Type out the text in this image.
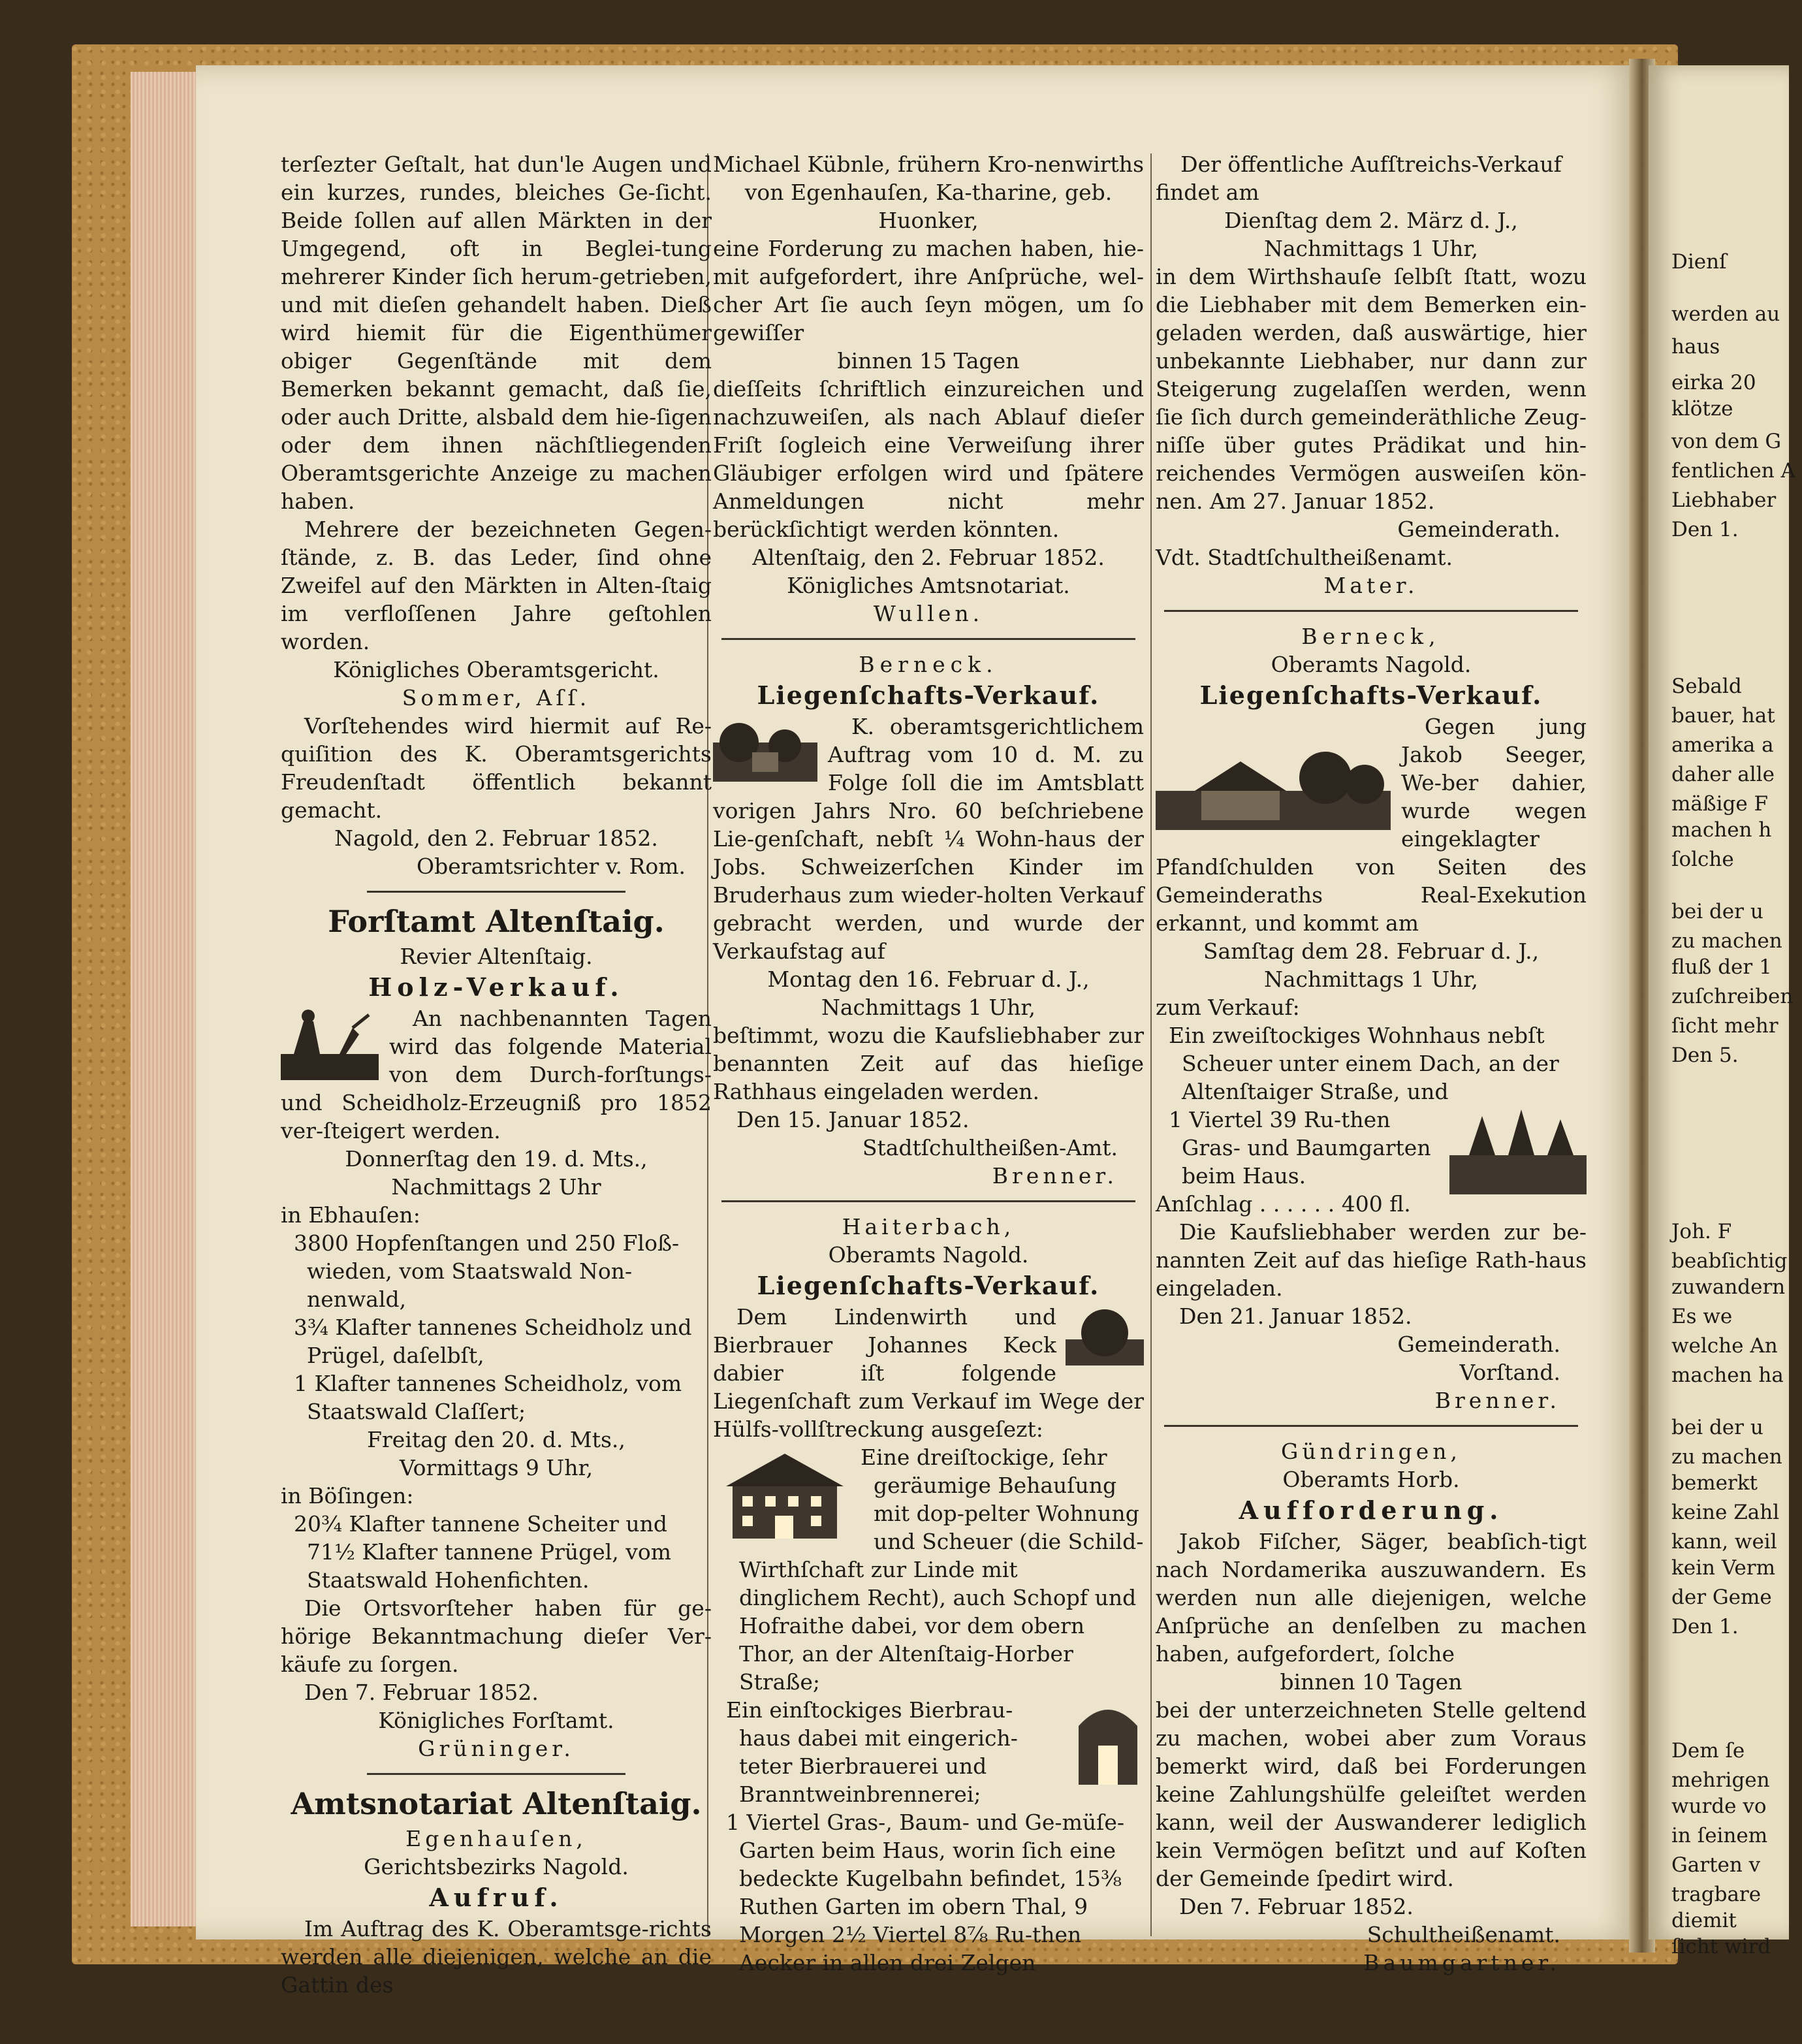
terſezter Geſtalt, hat dun'le Augen und ein kurzes, rundes, bleiches Ge-ſicht. Beide ſollen auf allen Märkten in der Umgegend, oft in Beglei-tung mehrerer Kinder ſich herum-getrieben, und mit dieſen gehandelt haben. Dieß wird hiemit für die Eigenthümer obiger Gegenſtände mit dem Bemerken bekannt gemacht, daß ſie, oder auch Dritte, alsbald dem hie-ſigen oder dem ihnen nächſtliegenden Oberamtsgerichte Anzeige zu machen haben.

Mehrere der bezeichneten Gegen-ſtände, z. B. das Leder, ſind ohne Zweifel auf den Märkten in Alten-ſtaig im verfloſſenen Jahre geſtohlen worden.

Königliches Oberamtsgericht.

Sommer, Aſſ.

Vorſtehendes wird hiermit auf Re-quiſition des K. Oberamtsgerichts Freudenſtadt öffentlich bekannt gemacht.

Nagold, den 2. Februar 1852.

Oberamtsrichter v. Rom.

Forſtamt Altenſtaig.

Revier Altenſtaig.

Holz-Verkauf.

An nachbenannten Tagen wird das folgende Material von dem Durch-forſtungs- und Scheidholz-Erzeugniß pro 1852 ver-ſteigert werden.

Donnerſtag den 19. d. Mts.,

Nachmittags 2 Uhr

in Ebhauſen:

3800 Hopfenſtangen und 250 Floß-wieden, vom Staatswald Non-nenwald,

3¾ Klafter tannenes Scheidholz und Prügel, daſelbſt,

1 Klafter tannenes Scheidholz, vom Staatswald Claſſert;

Freitag den 20. d. Mts.,

Vormittags 9 Uhr,

in Böſingen:

20¾ Klafter tannene Scheiter und 71½ Klafter tannene Prügel, vom Staatswald Hohenfichten.

Die Ortsvorſteher haben für ge-hörige Bekanntmachung dieſer Ver-käufe zu ſorgen.

Den 7. Februar 1852.

Königliches Forſtamt.

Grüninger.

Amtsnotariat Altenſtaig.

Egenhauſen,

Gerichtsbezirks Nagold.

Aufruf.

Im Auftrag des K. Oberamtsge-richts werden alle diejenigen, welche an die Gattin des

Michael Kübnle, frühern Kro-nenwirths von Egenhauſen, Ka-tharine, geb. Huonker,

eine Forderung zu machen haben, hie-mit aufgefordert, ihre Anſprüche, wel-cher Art ſie auch ſeyn mögen, um ſo gewiſſer

binnen 15 Tagen

dieſſeits ſchriftlich einzureichen und nachzuweiſen, als nach Ablauf dieſer Friſt ſogleich eine Verweiſung ihrer Gläubiger erfolgen wird und ſpätere Anmeldungen nicht mehr berückſichtigt werden könnten.

Altenſtaig, den 2. Februar 1852.

Königliches Amtsnotariat.

Wullen.

Berneck.

Liegenſchafts-Verkauf.

K. oberamtsgerichtlichem Auftrag vom 10 d. M. zu Folge ſoll die im Amtsblatt vorigen Jahrs Nro. 60 beſchriebene Lie-genſchaft, nebſt ¼ Wohn-haus der Jobs. Schweizerſchen Kinder im Bruderhaus zum wieder-holten Verkauf gebracht werden, und wurde der Verkaufstag auf

Montag den 16. Februar d. J.,

Nachmittags 1 Uhr,

beſtimmt, wozu die Kaufsliebhaber zur benannten Zeit auf das hieſige Rathhaus eingeladen werden.

Den 15. Januar 1852.

Stadtſchultheißen-Amt.

Brenner.

Haiterbach,

Oberamts Nagold.

Liegenſchafts-Verkauf.

Dem Lindenwirth und Bierbrauer Johannes Keck dabier iſt folgende Liegenſchaft zum Verkauf im Wege der Hülfs-vollſtreckung ausgeſezt:

Eine dreiſtockige, ſehr geräumige Behauſung mit dop-pelter Wohnung und Scheuer (die Schild-Wirthſchaft zur Linde mit dinglichem Recht), auch Schopf und Hofraithe dabei, vor dem obern Thor, an der Altenſtaig-Horber Straße;

Ein einſtockiges Bierbrau-haus dabei mit eingerich-teter Bierbrauerei und Branntweinbrennerei;

1 Viertel Gras-, Baum- und Ge-müſe-Garten beim Haus, worin ſich eine bedeckte Kugelbahn befindet, 15⅜ Ruthen Garten im obern Thal, 9 Morgen 2½ Viertel 8⅞ Ru-then Aecker in allen drei Zelgen

Der öffentliche Aufſtreichs-Verkauf

findet am

Dienſtag dem 2. März d. J.,

Nachmittags 1 Uhr,

in dem Wirthshauſe ſelbſt ſtatt, wozu die Liebhaber mit dem Bemerken ein-geladen werden, daß auswärtige, hier unbekannte Liebhaber, nur dann zur Steigerung zugelaſſen werden, wenn ſie ſich durch gemeinderäthliche Zeug-niſſe über gutes Prädikat und hin-reichendes Vermögen ausweiſen kön-nen. Am 27. Januar 1852.

Gemeinderath.

Vdt. Stadtſchultheißenamt.

Mater.

Berneck,

Oberamts Nagold.

Liegenſchafts-Verkauf.

Gegen jung Jakob Seeger, We-ber dahier, wurde wegen eingeklagter Pfandſchulden von Seiten des Gemeinderaths Real-Exekution erkannt, und kommt am

Samſtag dem 28. Februar d. J.,

Nachmittags 1 Uhr,

zum Verkauf:

Ein zweiſtockiges Wohnhaus nebſt Scheuer unter einem Dach, an der Altenſtaiger Straße, und

1 Viertel 39 Ru-then Gras- und Baumgarten beim Haus.

Anſchlag . . . . . . 400 fl.

Die Kaufsliebhaber werden zur be-nannten Zeit auf das hieſige Rath-haus eingeladen.

Den 21. Januar 1852.

Gemeinderath.

Vorſtand.

Brenner.

Gündringen,

Oberamts Horb.

Aufforderung.

Jakob Fiſcher, Säger, beabſich-tigt nach Nordamerika auszuwandern. Es werden nun alle diejenigen, welche Anſprüche an denſelben zu machen haben, aufgefordert, ſolche

binnen 10 Tagen

bei der unterzeichneten Stelle geltend zu machen, wobei aber zum Voraus bemerkt wird, daß bei Forderungen keine Zahlungshülfe geleiſtet werden kann, weil der Auswanderer lediglich kein Vermögen beſitzt und auf Koſten der Gemeinde ſpedirt wird.

Den 7. Februar 1852.

Schultheißenamt.

Baumgartner.

Dienſ
werden au
haus
eirka 20
klötze
von dem G
fentlichen A
Liebhaber
Den 1.
Sebald
bauer, hat
amerika a
daher alle
mäßige F
machen h
ſolche
bei der u
zu machen
fluß der 1
zuſchreiben
ſicht mehr
Den 5.
Joh. F
beabſichtig
zuwandern
Es we
welche An
machen ha
bei der u
zu machen
bemerkt
keine Zahl
kann, weil
kein Verm
der Geme
Den 1.
Dem ſe
mehrigen
wurde vo
in ſeinem
Garten v
tragbare
diemit
ſicht wird
